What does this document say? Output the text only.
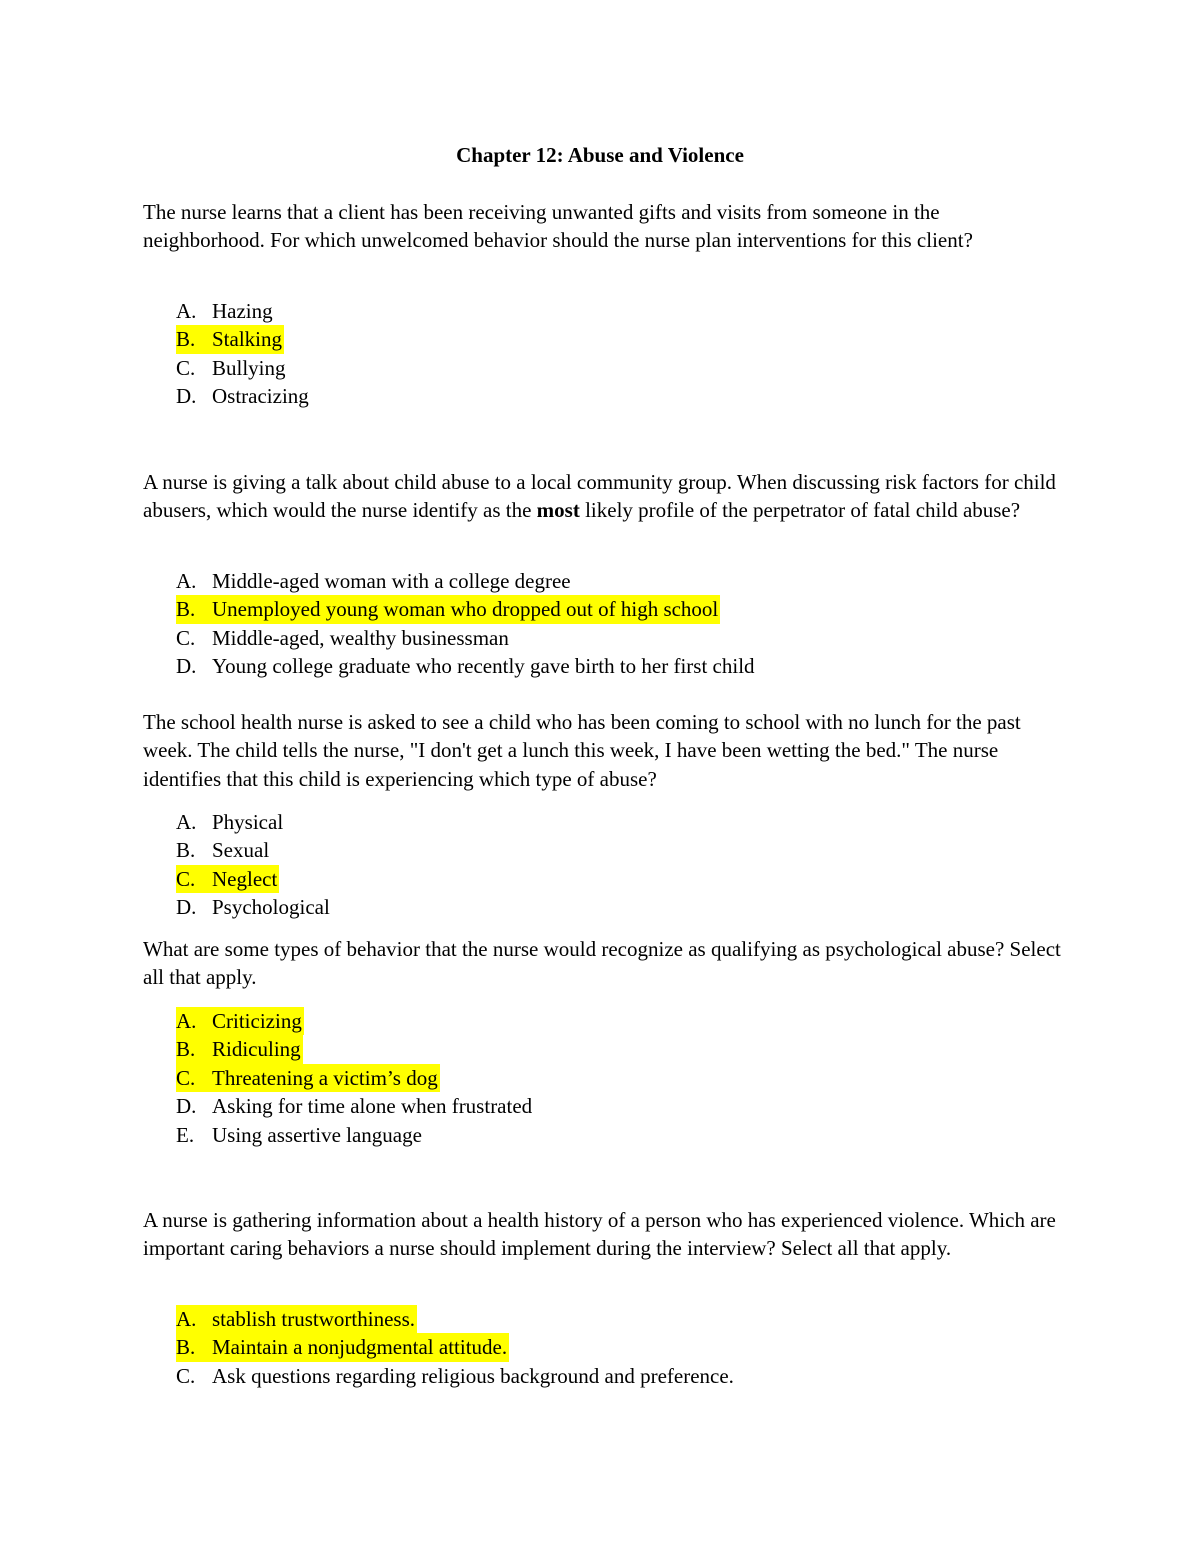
Chapter 12: Abuse and Violence

The nurse learns that a client has been receiving unwanted gifts and visits from someone in the neighborhood. For which unwelcomed behavior should the nurse plan interventions for this client?

A. Hazing
B. Stalking
C. Bullying
D. Ostracizing

A nurse is giving a talk about child abuse to a local community group. When discussing risk factors for child abusers, which would the nurse identify as the most likely profile of the perpetrator of fatal child abuse?

A. Middle-aged woman with a college degree
B. Unemployed young woman who dropped out of high school
C. Middle-aged, wealthy businessman
D. Young college graduate who recently gave birth to her first child

The school health nurse is asked to see a child who has been coming to school with no lunch for the past week. The child tells the nurse, "I don't get a lunch this week, I have been wetting the bed." The nurse identifies that this child is experiencing which type of abuse?

A. Physical
B. Sexual
C. Neglect
D. Psychological

What are some types of behavior that the nurse would recognize as qualifying as psychological abuse? Select all that apply.

A. Criticizing
B. Ridiculing
C. Threatening a victim’s dog
D. Asking for time alone when frustrated
E. Using assertive language

A nurse is gathering information about a health history of a person who has experienced violence. Which are important caring behaviors a nurse should implement during the interview? Select all that apply.

A. stablish trustworthiness.
B. Maintain a nonjudgmental attitude.
C. Ask questions regarding religious background and preference.
